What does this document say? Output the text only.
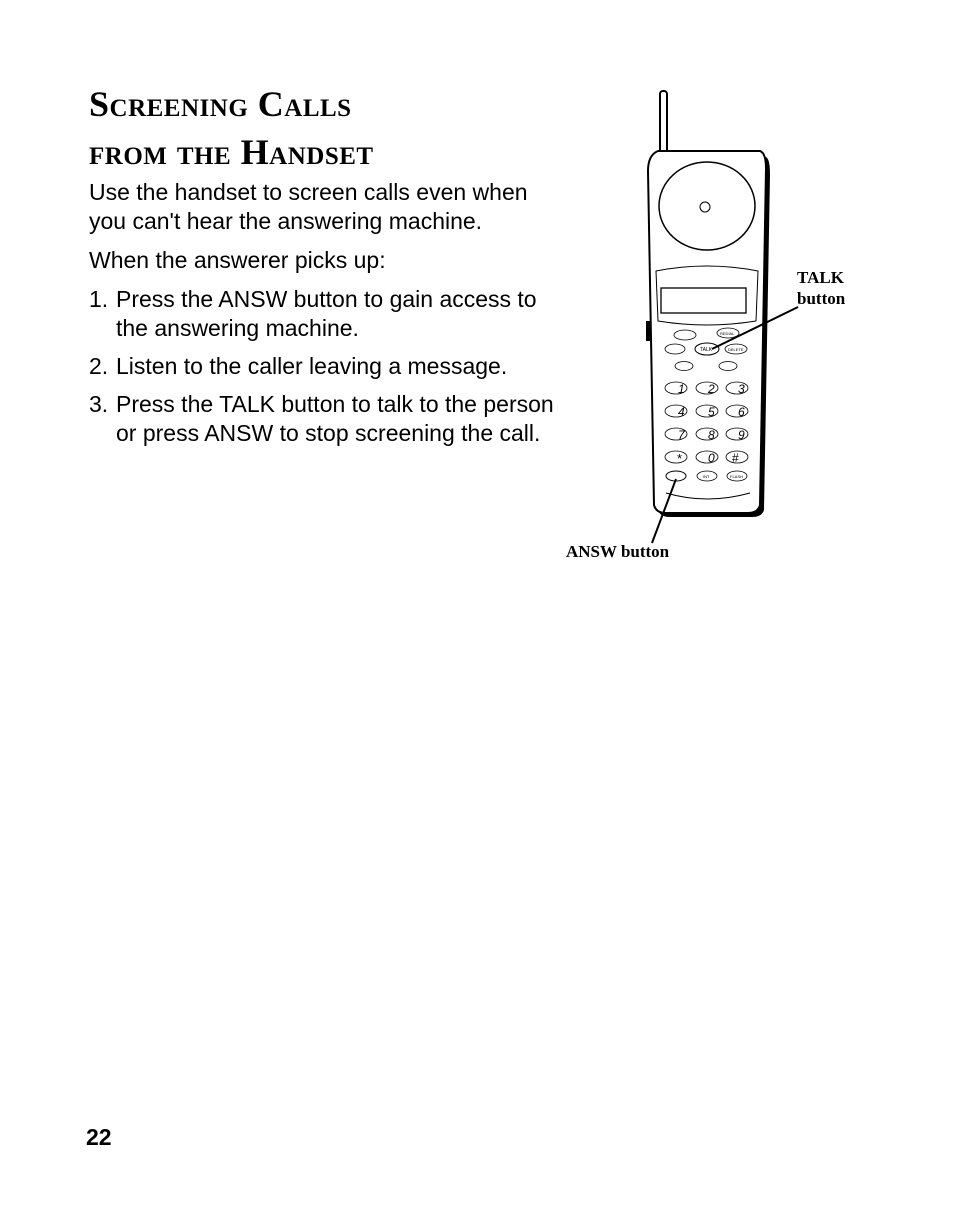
Screening Calls
from the Handset

Use the handset to screen calls even when you can't hear the answering machine.

When the answerer picks up:

1. Press the ANSW button to gain access to the answering machine.
2. Listen to the caller leaving a message.
3. Press the TALK button to talk to the person or press ANSW to stop screening the call.
REDIAL
TALK	DELETE
1 2 3
4 5 6
7 8 9
* 0 #
INT	FLASH
TALK button
ANSW button
22
